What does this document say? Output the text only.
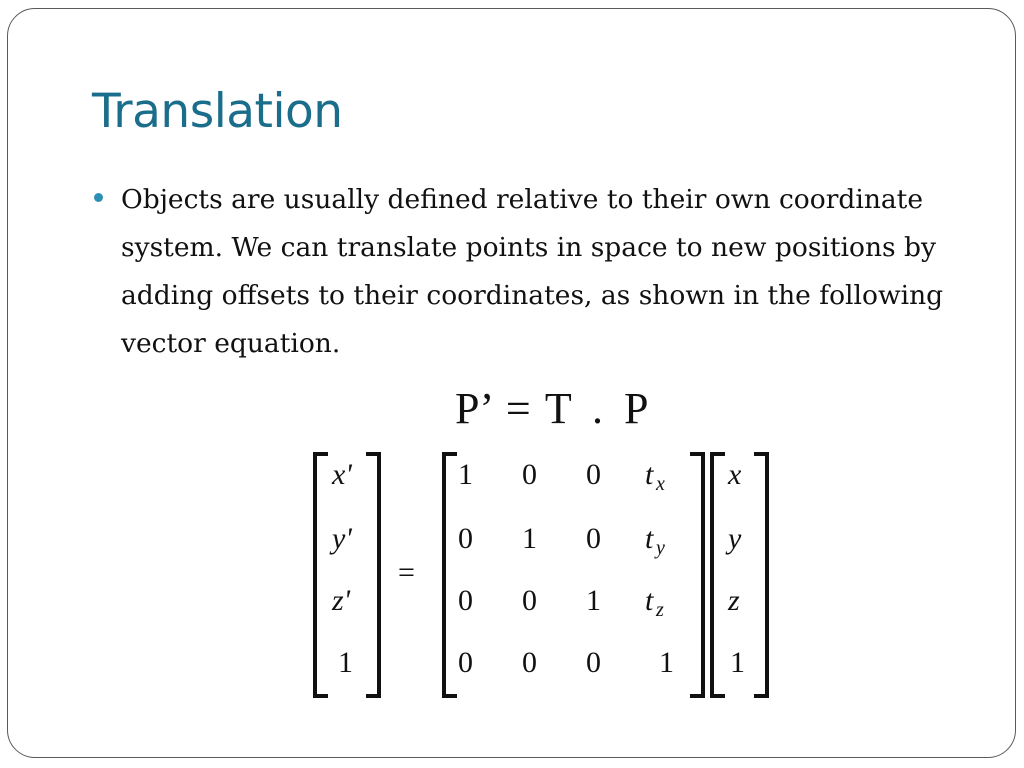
Translation
Objects are usually defined relative to their own coordinate system. We can translate points in space to new positions by adding offsets to their coordinates, as shown in the following vector equation.
P’ = T . P
x'
y'
z'
1
=
1 0 0 t x
0 1 0 t y
0 0 1 t z
0 0 0 1
x
y
z
1
